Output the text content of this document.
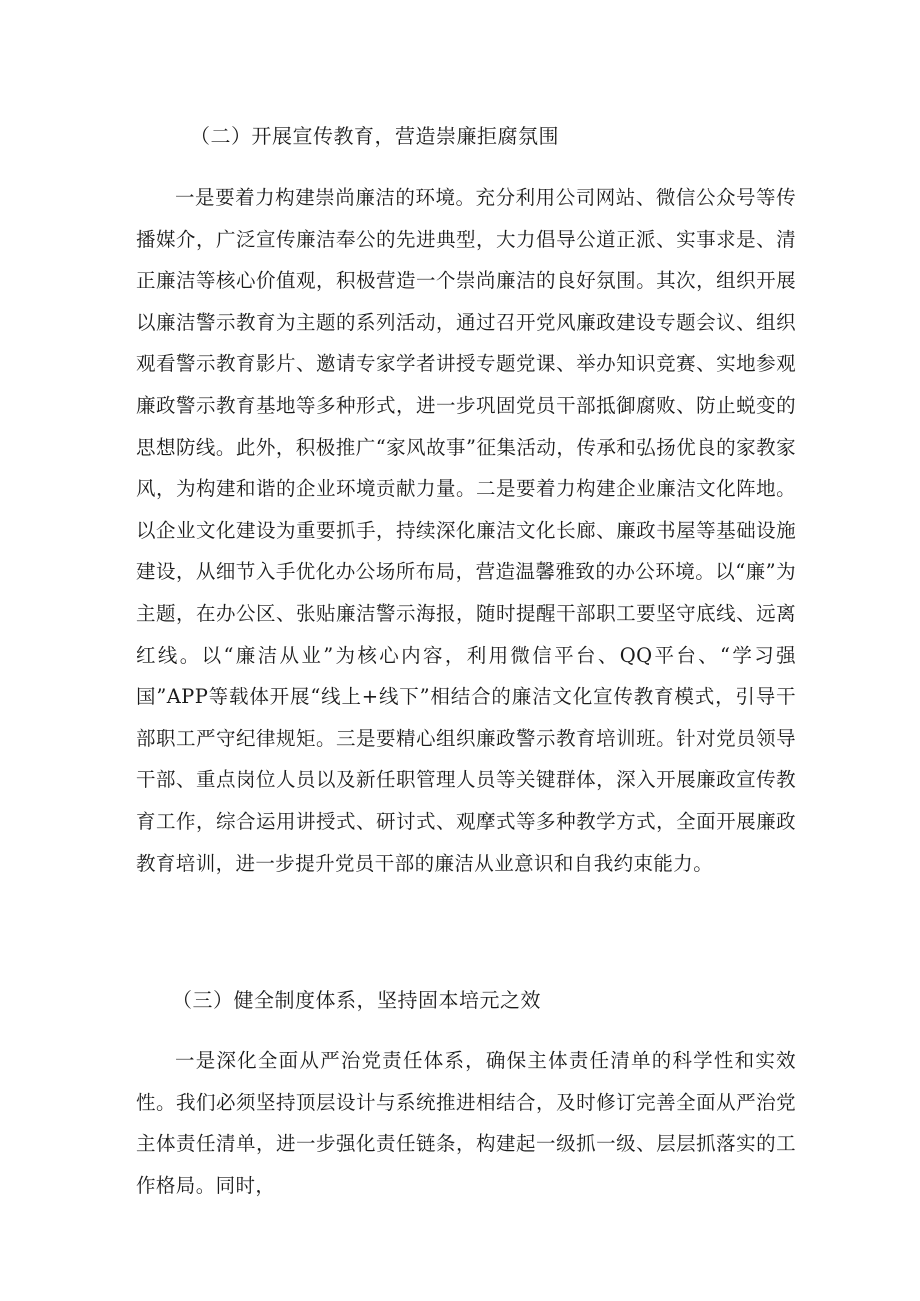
（二）开展宣传教育，营造崇廉拒腐氛围

一是要着力构建崇尚廉洁的环境。充分利用公司网站、微信公众号等传播媒介，广泛宣传廉洁奉公的先进典型，大力倡导公道正派、实事求是、清正廉洁等核心价值观，积极营造一个崇尚廉洁的良好氛围。其次，组织开展以廉洁警示教育为主题的系列活动，通过召开党风廉政建设专题会议、组织观看警示教育影片、邀请专家学者讲授专题党课、举办知识竞赛、实地参观廉政警示教育基地等多种形式，进一步巩固党员干部抵御腐败、防止蜕变的思想防线。此外，积极推广“家风故事”征集活动，传承和弘扬优良的家教家风，为构建和谐的企业环境贡献力量。二是要着力构建企业廉洁文化阵地。以企业文化建设为重要抓手，持续深化廉洁文化长廊、廉政书屋等基础设施建设，从细节入手优化办公场所布局，营造温馨雅致的办公环境。以“廉”为主题，在办公区、张贴廉洁警示海报，随时提醒干部职工要坚守底线、远离红线。以“廉洁从业”为核心内容，利用微信平台、QQ平台、“学习强国”APP等载体开展“线上+线下”相结合的廉洁文化宣传教育模式，引导干部职工严守纪律规矩。三是要精心组织廉政警示教育培训班。针对党员领导干部、重点岗位人员以及新任职管理人员等关键群体，深入开展廉政宣传教育工作，综合运用讲授式、研讨式、观摩式等多种教学方式，全面开展廉政教育培训，进一步提升党员干部的廉洁从业意识和自我约束能力。

（三）健全制度体系，坚持固本培元之效

一是深化全面从严治党责任体系，确保主体责任清单的科学性和实效性。我们必须坚持顶层设计与系统推进相结合，及时修订完善全面从严治党主体责任清单，进一步强化责任链条，构建起一级抓一级、层层抓落实的工作格局。同时，
